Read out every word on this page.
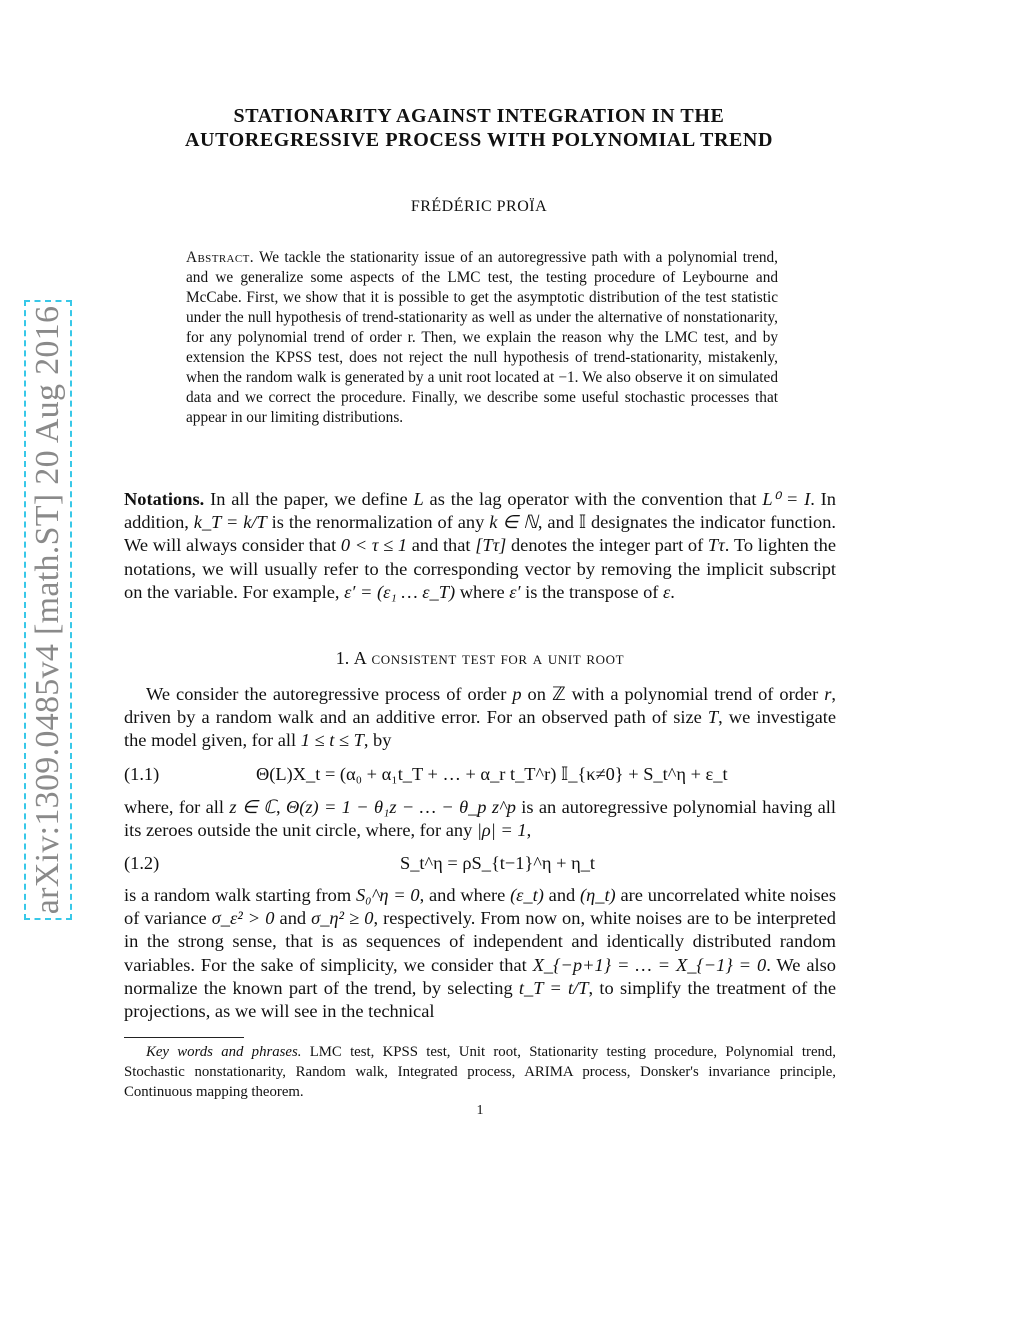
arXiv:1309.0485v4 [math.ST] 20 Aug 2016
STATIONARITY AGAINST INTEGRATION IN THE
AUTOREGRESSIVE PROCESS WITH POLYNOMIAL TREND
FRÉDÉRIC PROÏA
Abstract. We tackle the stationarity issue of an autoregressive path with a polynomial trend, and we generalize some aspects of the LMC test, the testing procedure of Leybourne and McCabe. First, we show that it is possible to get the asymptotic distribution of the test statistic under the null hypothesis of trend-stationarity as well as under the alternative of nonstationarity, for any polynomial trend of order r. Then, we explain the reason why the LMC test, and by extension the KPSS test, does not reject the null hypothesis of trend-stationarity, mistakenly, when the random walk is generated by a unit root located at −1. We also observe it on simulated data and we correct the procedure. Finally, we describe some useful stochastic processes that appear in our limiting distributions.

Notations. In all the paper, we define L as the lag operator with the convention that L⁰ = I. In addition, k_T = k/T is the renormalization of any k ∈ ℕ, and 𝕀 designates the indicator function. We will always consider that 0 < τ ≤ 1 and that [Tτ] denotes the integer part of Tτ. To lighten the notations, we will usually refer to the corresponding vector by removing the implicit subscript on the variable. For example, ε′ = (ε₁ … ε_T) where ε′ is the transpose of ε.

1. A consistent test for a unit root

We consider the autoregressive process of order p on ℤ with a polynomial trend of order r, driven by a random walk and an additive error. For an observed path of size T, we investigate the model given, for all 1 ≤ t ≤ T, by

(1.1)	Θ(L)X_t = (α₀ + α₁t_T + … + α_r t_T^r) 𝕀_{κ≠0} + S_t^η + ε_t

where, for all z ∈ ℂ, Θ(z) = 1 − θ₁z − … − θ_p z^p is an autoregressive polynomial having all its zeroes outside the unit circle, where, for any |ρ| = 1,

(1.2)	S_t^η = ρS_{t−1}^η + η_t

is a random walk starting from S₀^η = 0, and where (ε_t) and (η_t) are uncorrelated white noises of variance σ_ε² > 0 and σ_η² ≥ 0, respectively. From now on, white noises are to be interpreted in the strong sense, that is as sequences of independent and identically distributed random variables. For the sake of simplicity, we consider that X_{−p+1} = … = X_{−1} = 0. We also normalize the known part of the trend, by selecting t_T = t/T, to simplify the treatment of the projections, as we will see in the technical

Key words and phrases. LMC test, KPSS test, Unit root, Stationarity testing procedure, Polynomial trend, Stochastic nonstationarity, Random walk, Integrated process, ARIMA process, Donsker's invariance principle, Continuous mapping theorem.

1
